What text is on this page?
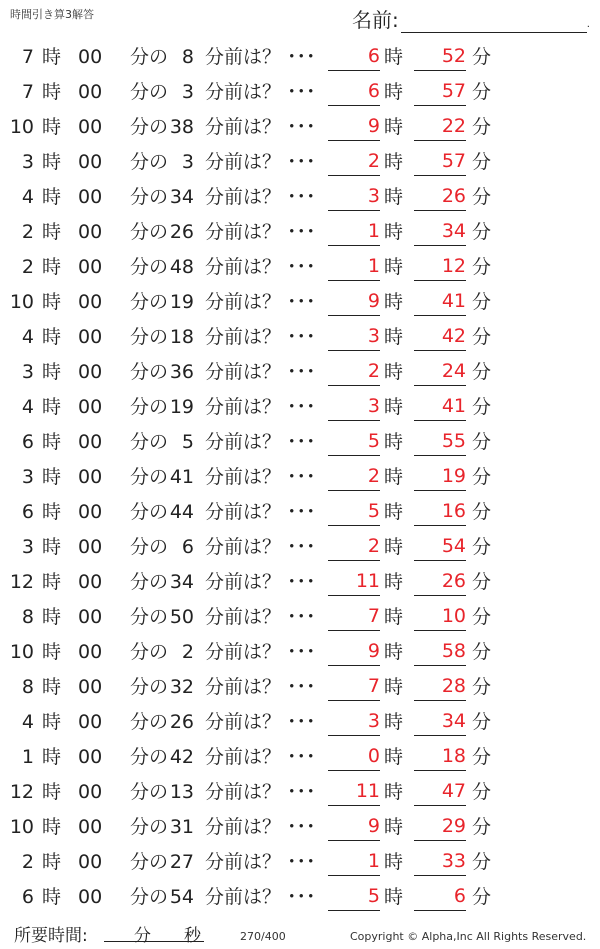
時間引き算3解答	名前:	.
7 時 00 分の 8 分前は？ ･･･	6 時	52 分
7 時 00 分の 3 分前は？ ･･･	6 時	57 分
10 時 00 分の 38 分前は？ ･･･	9 時	22 分
3 時 00 分の 3 分前は？ ･･･	2 時	57 分
4 時 00 分の 34 分前は？ ･･･	3 時	26 分
2 時 00 分の 26 分前は？ ･･･	1 時	34 分
2 時 00 分の 48 分前は？ ･･･	1 時	12 分
10 時 00 分の 19 分前は？ ･･･	9 時	41 分
4 時 00 分の 18 分前は？ ･･･	3 時	42 分
3 時 00 分の 36 分前は？ ･･･	2 時	24 分
4 時 00 分の 19 分前は？ ･･･	3 時	41 分
6 時 00 分の 5 分前は？ ･･･	5 時	55 分
3 時 00 分の 41 分前は？ ･･･	2 時	19 分
6 時 00 分の 44 分前は？ ･･･	5 時	16 分
3 時 00 分の 6 分前は？ ･･･	2 時	54 分
12 時 00 分の 34 分前は？ ･･･	11 時	26 分
8 時 00 分の 50 分前は？ ･･･	7 時	10 分
10 時 00 分の 2 分前は？ ･･･	9 時	58 分
8 時 00 分の 32 分前は？ ･･･	7 時	28 分
4 時 00 分の 26 分前は？ ･･･	3 時	34 分
1 時 00 分の 42 分前は？ ･･･	0 時	18 分
12 時 00 分の 13 分前は？ ･･･	11 時	47 分
10 時 00 分の 31 分前は？ ･･･	9 時	29 分
2 時 00 分の 27 分前は？ ･･･	1 時	33 分
6 時 00 分の 54 分前は？ ･･･	5 時	6 分
所要時間:	分 秒	270/400	Copyright © Alpha,Inc All Rights Reserved.
